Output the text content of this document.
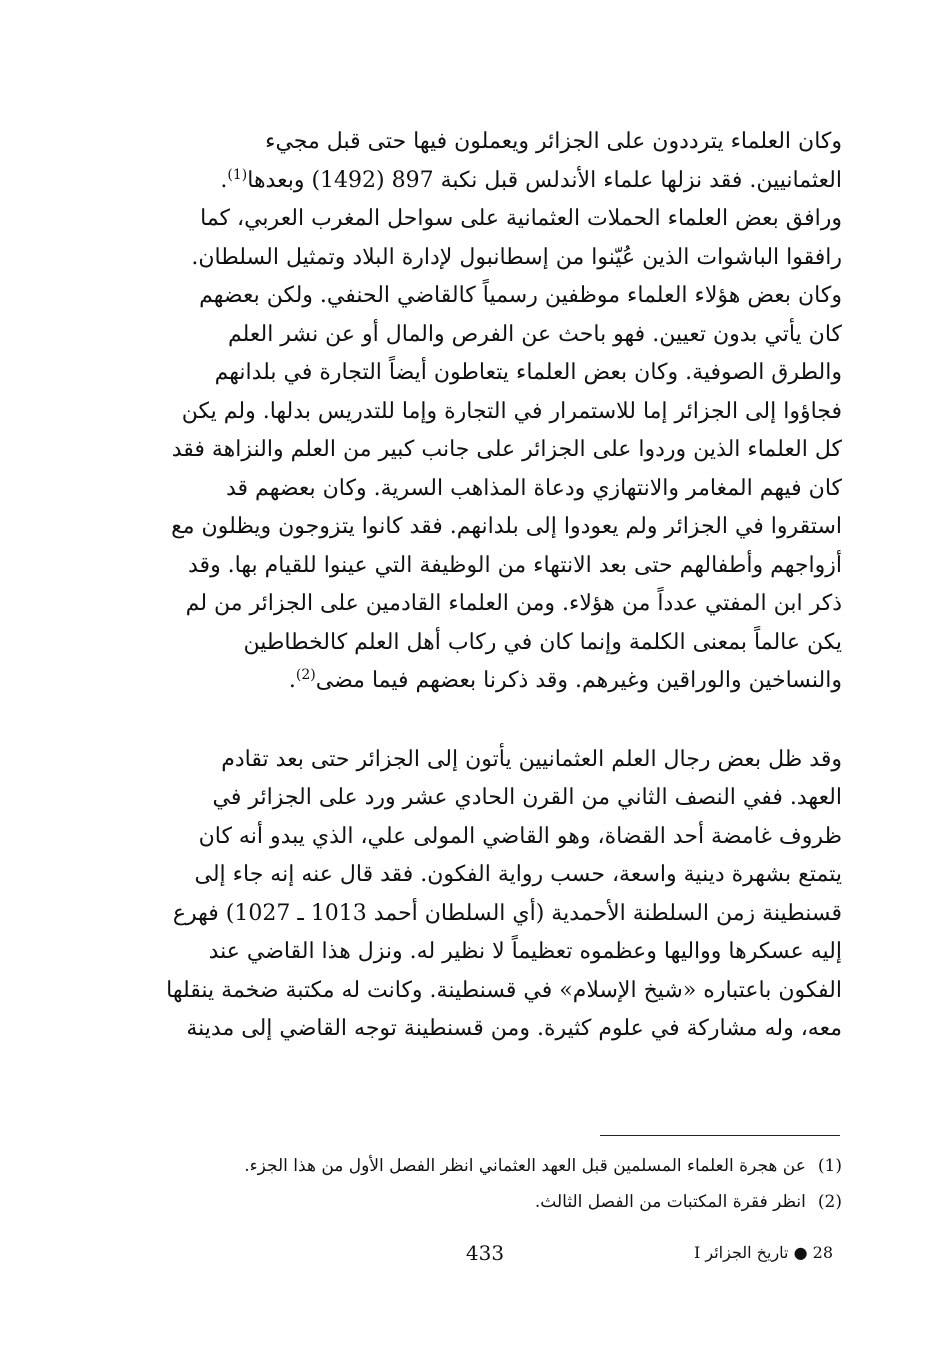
وكان العلماء يترددون على الجزائر ويعملون فيها حتى قبل مجيء
العثمانيين. فقد نزلها علماء الأندلس قبل نكبة 897 (1492) وبعدها$^{(1)}$.
ورافق بعض العلماء الحملات العثمانية على سواحل المغرب العربي، كما
رافقوا الباشوات الذين عُيّنوا من إسطانبول لإدارة البلاد وتمثيل السلطان.
وكان بعض هؤلاء العلماء موظفين رسمياً كالقاضي الحنفي. ولكن بعضهم
كان يأتي بدون تعيين. فهو باحث عن الفرص والمال أو عن نشر العلم
والطرق الصوفية. وكان بعض العلماء يتعاطون أيضاً التجارة في بلدانهم
فجاؤوا إلى الجزائر إما للاستمرار في التجارة وإما للتدريس بدلها. ولم يكن
كل العلماء الذين وردوا على الجزائر على جانب كبير من العلم والنزاهة فقد
كان فيهم المغامر والانتهازي ودعاة المذاهب السرية. وكان بعضهم قد
استقروا في الجزائر ولم يعودوا إلى بلدانهم. فقد كانوا يتزوجون ويظلون مع
أزواجهم وأطفالهم حتى بعد الانتهاء من الوظيفة التي عينوا للقيام بها. وقد
ذكر ابن المفتي عدداً من هؤلاء. ومن العلماء القادمين على الجزائر من لم
يكن عالماً بمعنى الكلمة وإنما كان في ركاب أهل العلم كالخطاطين
والنساخين والوراقين وغيرهم. وقد ذكرنا بعضهم فيما مضى$^{(2)}$.
وقد ظل بعض رجال العلم العثمانيين يأتون إلى الجزائر حتى بعد تقادم
العهد. ففي النصف الثاني من القرن الحادي عشر ورد على الجزائر في
ظروف غامضة أحد القضاة، وهو القاضي المولى علي، الذي يبدو أنه كان
يتمتع بشهرة دينية واسعة، حسب رواية الفكون. فقد قال عنه إنه جاء إلى
قسنطينة زمن السلطنة الأحمدية (أي السلطان أحمد 1013 ـ 1027) فهرع
إليه عسكرها وواليها وعظموه تعظيماً لا نظير له. ونزل هذا القاضي عند
الفكون باعتباره «شيخ الإسلام» في قسنطينة. وكانت له مكتبة ضخمة ينقلها
معه، وله مشاركة في علوم كثيرة. ومن قسنطينة توجه القاضي إلى مدينة
(1)عن هجرة العلماء المسلمين قبل العهد العثماني انظر الفصل الأول من هذا الجزء.
(2)انظر فقرة المكتبات من الفصل الثالث.
433	28 ● تاريخ الجزائر I
